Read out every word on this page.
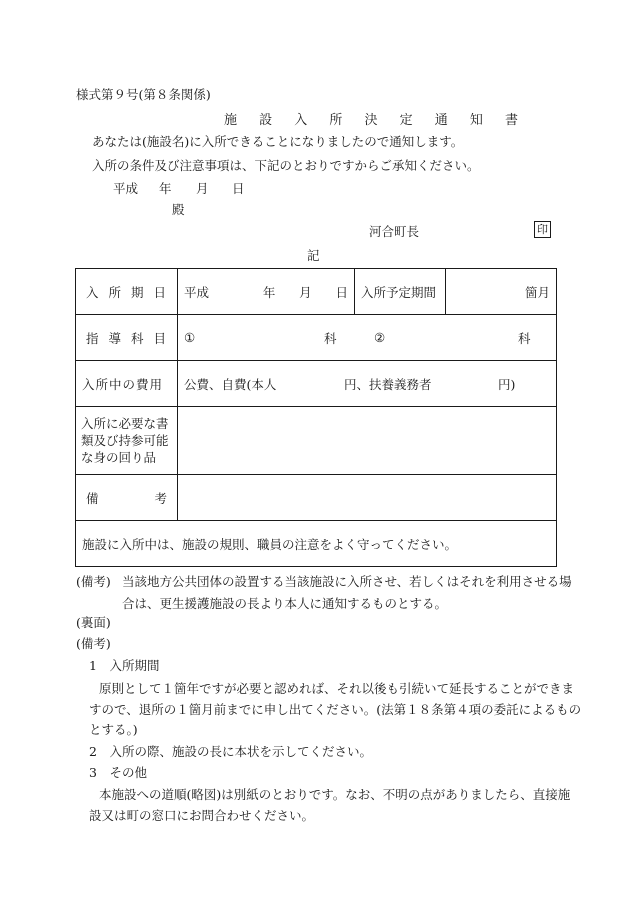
様式第９号(第８条関係)
施 設 入 所 決 定 通 知 書
あなたは(施設名)に入所できることになりましたので通知します。
入所の条件及び注意事項は、下記のとおりですからご承知ください。
平成 年 月 日
殿
河合町長	印
記
入 所 期 日	平成 年 月 日	入所予定期間	箇月

指 導 科 目	① 科 ② 科		

入所中の費用	公費、自費(本人 円、扶養義務者 円)		

入所に必要な書
類及び持参可能
な身の回り品			

備 考			

施設に入所中は、施設の規則、職員の注意をよく守ってください。			
(備考) 当該地方公共団体の設置する当該施設に入所させ、若しくはそれを利用させる場
合は、更生援護施設の長より本人に通知するものとする。
(裏面)
(備考)
1　入所期間
原則として１箇年ですが必要と認めれば、それ以後も引続いて延長することができま
すので、退所の１箇月前までに申し出てください。(法第１８条第４項の委託によるもの
とする。)
2　入所の際、施設の長に本状を示してください。
3　その他
本施設への道順(略図)は別紙のとおりです。なお、不明の点がありましたら、直接施
設又は町の窓口にお問合わせください。
